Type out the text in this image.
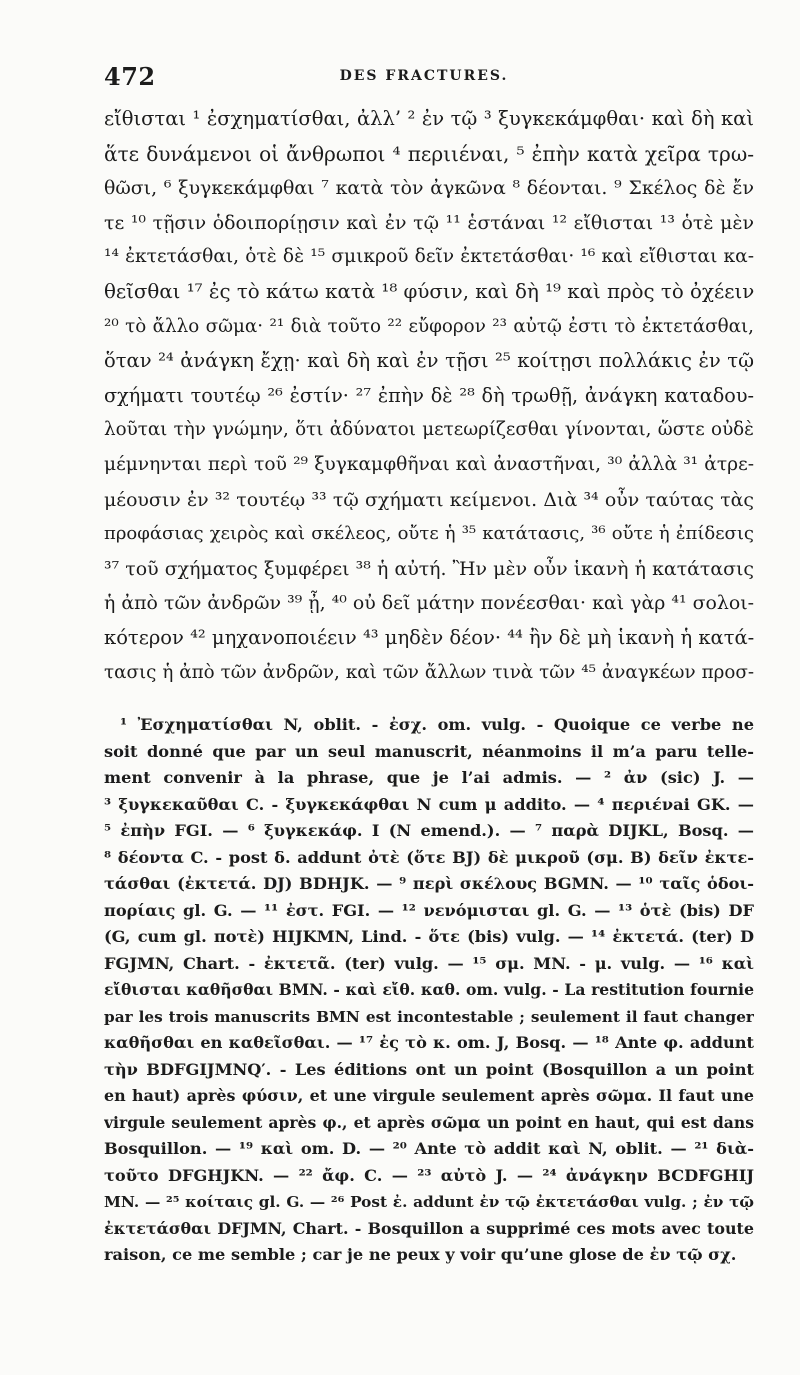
472	DES FRACTURES.
εἴθισται ¹ ἐσχηματίσθαι, ἀλλ’ ² ἐν τῷ ³ ξυγκεκάμφθαι· καὶ δὴ καὶ
ἅτε δυνάμενοι οἱ ἄνθρωποι ⁴ περιιέναι, ⁵ ἐπὴν κατὰ χεῖρα τρω-
θῶσι, ⁶ ξυγκεκάμφθαι ⁷ κατὰ τὸν ἀγκῶνα ⁸ δέονται. ⁹ Σκέλος δὲ ἔν
τε ¹⁰ τῇσιν ὁδοιπορίῃσιν καὶ ἐν τῷ ¹¹ ἑστάναι ¹² εἴθισται ¹³ ὁτὲ μὲν
¹⁴ ἐκτετάσθαι, ὁτὲ δὲ ¹⁵ σμικροῦ δεῖν ἐκτετάσθαι· ¹⁶ καὶ εἴθισται κα-
θεῖσθαι ¹⁷ ἐς τὸ κάτω κατὰ ¹⁸ φύσιν, καὶ δὴ ¹⁹ καὶ πρὸς τὸ ὀχέειν
²⁰ τὸ ἄλλο σῶμα· ²¹ διὰ τοῦτο ²² εὔφορον ²³ αὐτῷ ἐστι τὸ ἐκτετάσθαι,
ὅταν ²⁴ ἀνάγκη ἔχῃ· καὶ δὴ καὶ ἐν τῇσι ²⁵ κοίτῃσι πολλάκις ἐν τῷ
σχήματι τουτέῳ ²⁶ ἐστίν· ²⁷ ἐπὴν δὲ ²⁸ δὴ τρωθῇ, ἀνάγκη καταδου-
λοῦται τὴν γνώμην, ὅτι ἀδύνατοι μετεωρίζεσθαι γίνονται, ὥστε οὐδὲ
μέμνηνται περὶ τοῦ ²⁹ ξυγκαμφθῆναι καὶ ἀναστῆναι, ³⁰ ἀλλὰ ³¹ ἀτρε-
μέουσιν ἐν ³² τουτέῳ ³³ τῷ σχήματι κείμενοι. Διὰ ³⁴ οὖν ταύτας τὰς
προφάσιας χειρὸς καὶ σκέλεος, οὔτε ἡ ³⁵ κατάτασις, ³⁶ οὔτε ἡ ἐπίδεσις
³⁷ τοῦ σχήματος ξυμφέρει ³⁸ ἡ αὐτή. Ἢν μὲν οὖν ἱκανὴ ἡ κατάτασις
ἡ ἀπὸ τῶν ἀνδρῶν ³⁹ ᾖ, ⁴⁰ οὐ δεῖ μάτην πονέεσθαι· καὶ γὰρ ⁴¹ σολοι-
κότερον ⁴² μηχανοποιέειν ⁴³ μηδὲν δέον· ⁴⁴ ἢν δὲ μὴ ἱκανὴ ἡ κατά-
τασις ἡ ἀπὸ τῶν ἀνδρῶν, καὶ τῶν ἄλλων τινὰ τῶν ⁴⁵ ἀναγκέων προσ-
¹ Ἐσχηματίσθαι N, oblit. - ἐσχ. om. vulg. - Quoique ce verbe ne
soit donné que par un seul manuscrit, néanmoins il m’a paru telle-
ment convenir à la phrase, que je l’ai admis. — ² ἀν (sic) J. —
³ ξυγκεκαῦθαι C. - ξυγκεκάφθαι N cum μ addito. — ⁴ περιένai GK. —
⁵ ἐπὴν FGI. — ⁶ ξυγκεκάφ. I (N emend.). — ⁷ παρὰ DIJKL, Bosq. —
⁸ δέοντα C. - post δ. addunt ὀτὲ (ὅτε BJ) δὲ μικροῦ (σμ. B) δεῖν ἐκτε-
τάσθαι (ἐκτετά. DJ) BDHJK. — ⁹ περὶ σκέλους BGMN. — ¹⁰ ταῖς ὁδοι-
πορίαις gl. G. — ¹¹ ἐστ. FGI. — ¹² νενόμισται gl. G. — ¹³ ὁτὲ (bis) DF
(G, cum gl. ποτὲ) HIJKMN, Lind. - ὅτε (bis) vulg. — ¹⁴ ἐκτετά. (ter) D
FGJMN, Chart. - ἐκτετᾶ. (ter) vulg. — ¹⁵ σμ. MN. - μ. vulg. — ¹⁶ καὶ
εἴθισται καθῆσθαι BMN. - καὶ εἴθ. καθ. om. vulg. - La restitution fournie
par les trois manuscrits BMN est incontestable ; seulement il faut changer
καθῆσθαι en καθεῖσθαι. — ¹⁷ ἐς τὸ κ. om. J, Bosq. — ¹⁸ Ante φ. addunt
τὴν BDFGIJMNQ′. - Les éditions ont un point (Bosquillon a un point
en haut) après φύσιν, et une virgule seulement après σῶμα. Il faut une
virgule seulement après φ., et après σῶμα un point en haut, qui est dans
Bosquillon. — ¹⁹ καὶ om. D. — ²⁰ Ante τὸ addit καὶ N, oblit. — ²¹ διὰ-
τοῦτο DFGHJKN. — ²² ἄφ. C. — ²³ αὐτὸ J. — ²⁴ ἀνάγκην BCDFGHIJ
MN. — ²⁵ κοίταις gl. G. — ²⁶ Post ἐ. addunt ἐν τῷ ἐκτετάσθαι vulg. ; ἐν τῷ
ἐκτετάσθαι DFJMN, Chart. - Bosquillon a supprimé ces mots avec toute
raison, ce me semble ; car je ne peux y voir qu’une glose de ἐν τῷ σχ.
